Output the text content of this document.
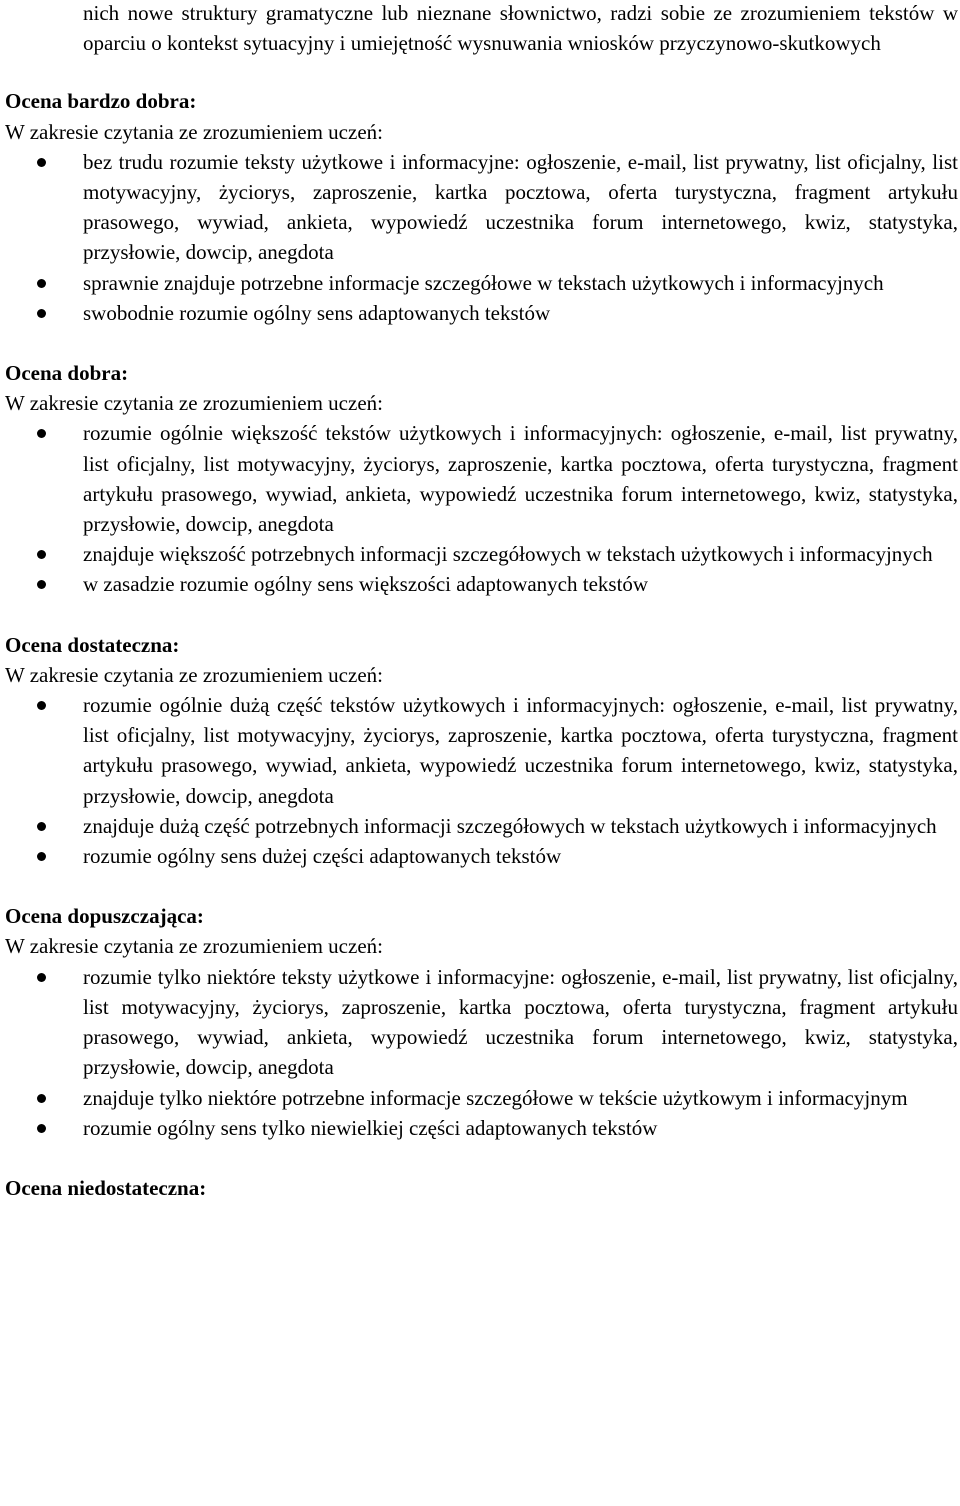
nich nowe struktury gramatyczne lub nieznane słownictwo, radzi sobie ze zrozumieniem tekstów w oparciu o kontekst sytuacyjny i umiejętność wysnuwania wniosków przyczynowo-skutkowych

Ocena bardzo dobra:

W zakresie czytania ze zrozumieniem uczeń:

bez trudu rozumie teksty użytkowe i informacyjne: ogłoszenie, e-mail, list prywatny, list oficjalny, list motywacyjny, życiorys, zaproszenie, kartka pocztowa, oferta turystyczna, fragment artykułu prasowego, wywiad, ankieta, wypowiedź uczestnika forum internetowego, kwiz, statystyka, przysłowie, dowcip, anegdota
sprawnie znajduje potrzebne informacje szczegółowe w tekstach użytkowych i informacyjnych
swobodnie rozumie ogólny sens adaptowanych tekstów

Ocena dobra:

W zakresie czytania ze zrozumieniem uczeń:

rozumie ogólnie większość tekstów użytkowych i informacyjnych: ogłoszenie, e-mail, list prywatny, list oficjalny, list motywacyjny, życiorys, zaproszenie, kartka pocztowa, oferta turystyczna, fragment artykułu prasowego, wywiad, ankieta, wypowiedź uczestnika forum internetowego, kwiz, statystyka, przysłowie, dowcip, anegdota
znajduje większość potrzebnych informacji szczegółowych w tekstach użytkowych i informacyjnych
w zasadzie rozumie ogólny sens większości adaptowanych tekstów

Ocena dostateczna:

W zakresie czytania ze zrozumieniem uczeń:

rozumie ogólnie dużą część tekstów użytkowych i informacyjnych: ogłoszenie, e-mail, list prywatny, list oficjalny, list motywacyjny, życiorys, zaproszenie, kartka pocztowa, oferta turystyczna, fragment artykułu prasowego, wywiad, ankieta, wypowiedź uczestnika forum internetowego, kwiz, statystyka, przysłowie, dowcip, anegdota
znajduje dużą część potrzebnych informacji szczegółowych w tekstach użytkowych i informacyjnych
rozumie ogólny sens dużej części adaptowanych tekstów

Ocena dopuszczająca:

W zakresie czytania ze zrozumieniem uczeń:

rozumie tylko niektóre teksty użytkowe i informacyjne: ogłoszenie, e-mail, list prywatny, list oficjalny, list motywacyjny, życiorys, zaproszenie, kartka pocztowa, oferta turystyczna, fragment artykułu prasowego, wywiad, ankieta, wypowiedź uczestnika forum internetowego, kwiz, statystyka, przysłowie, dowcip, anegdota
znajduje tylko niektóre potrzebne informacje szczegółowe w tekście użytkowym i informacyjnym
rozumie ogólny sens tylko niewielkiej części adaptowanych tekstów

Ocena niedostateczna:
